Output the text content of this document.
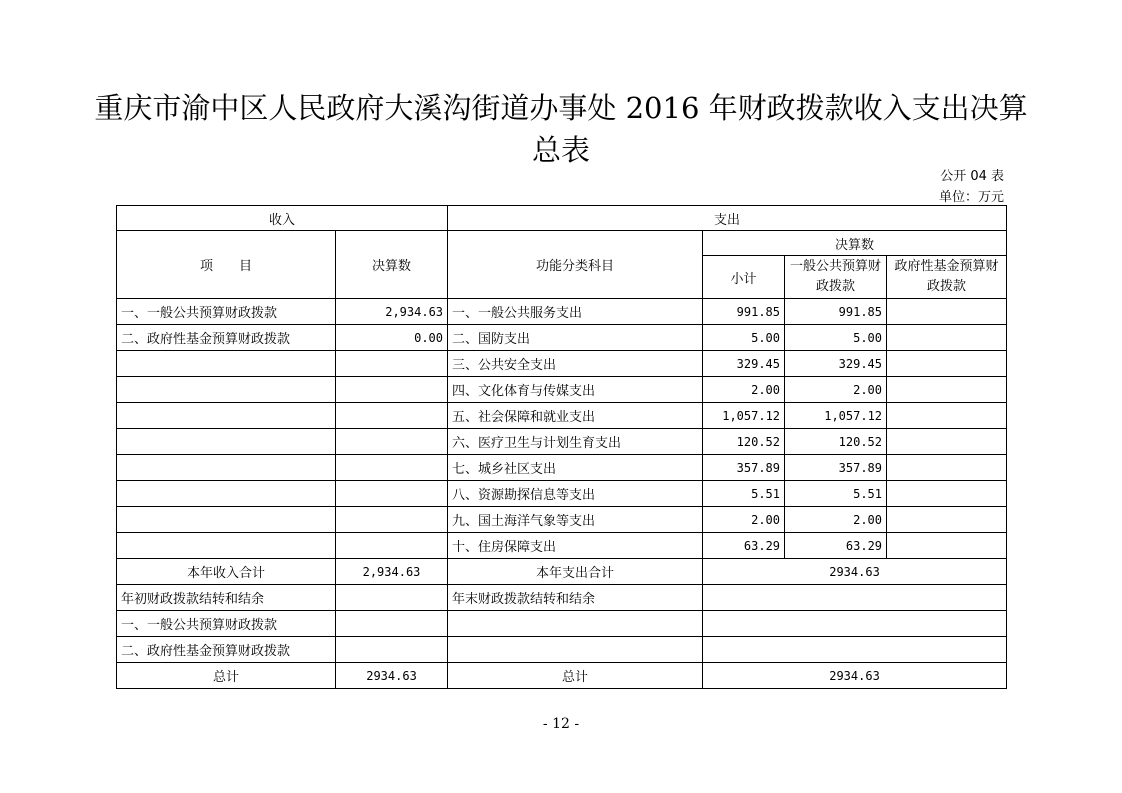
重庆市渝中区人民政府大溪沟街道办事处 2016 年财政拨款收入支出决算
总表
公开 04 表
单位：万元
收入		支出			
项　　目	决算数	功能分类科目	决算数		
			小计	一般公共预算财政拨款	政府性基金预算财政拨款
一、一般公共预算财政拨款	2,934.63	一、一般公共服务支出	991.85	991.85	
二、政府性基金预算财政拨款	0.00	二、国防支出	5.00	5.00	
		三、公共安全支出	329.45	329.45	
		四、文化体育与传媒支出	2.00	2.00	
		五、社会保障和就业支出	1,057.12	1,057.12	
		六、医疗卫生与计划生育支出	120.52	120.52	
		七、城乡社区支出	357.89	357.89	
		八、资源勘探信息等支出	5.51	5.51	
		九、国土海洋气象等支出	2.00	2.00	
		十、住房保障支出	63.29	63.29	
本年收入合计	2,934.63	本年支出合计	2934.63		
年初财政拨款结转和结余		年末财政拨款结转和结余			
一、一般公共预算财政拨款					
二、政府性基金预算财政拨款					
总计	2934.63	总计	2934.63		
- 12 -
